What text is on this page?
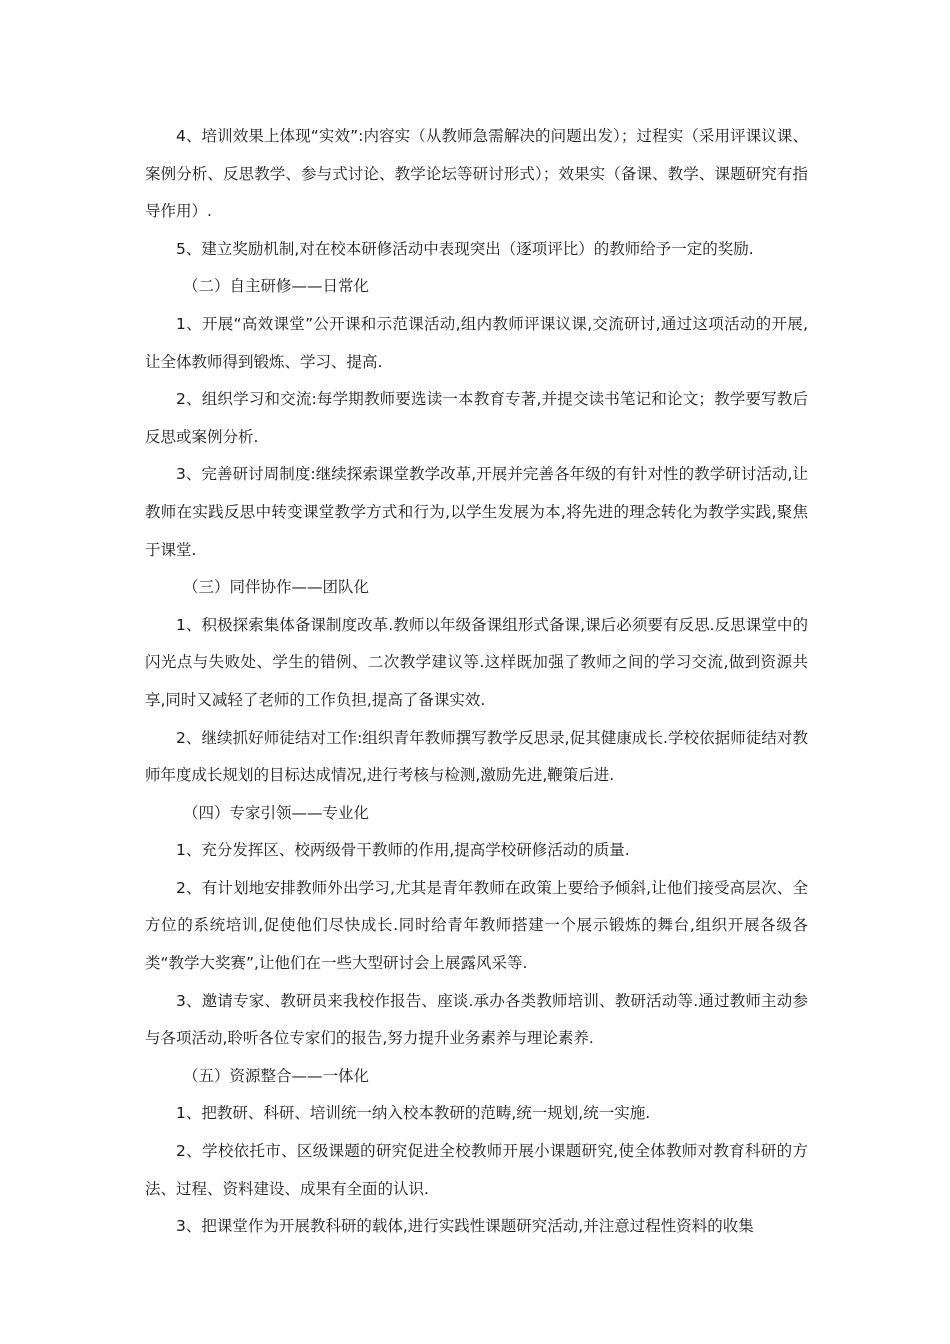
4、培训效果上体现“实效”:内容实（从教师急需解决的问题出发）；过程实（采用评课议课、案例分析、反思教学、参与式讨论、教学论坛等研讨形式）；效果实（备课、教学、课题研究有指导作用）.

5、建立奖励机制,对在校本研修活动中表现突出（逐项评比）的教师给予一定的奖励.

（二）自主研修——日常化

1、开展“高效课堂”公开课和示范课活动,组内教师评课议课,交流研讨,通过这项活动的开展,让全体教师得到锻炼、学习、提高.

2、组织学习和交流:每学期教师要选读一本教育专著,并提交读书笔记和论文；教学要写教后反思或案例分析.

3、完善研讨周制度:继续探索课堂教学改革,开展并完善各年级的有针对性的教学研讨活动,让教师在实践反思中转变课堂教学方式和行为,以学生发展为本,将先进的理念转化为教学实践,聚焦于课堂.

（三）同伴协作——团队化

1、积极探索集体备课制度改革.教师以年级备课组形式备课,课后必须要有反思.反思课堂中的闪光点与失败处、学生的错例、二次教学建议等.这样既加强了教师之间的学习交流,做到资源共享,同时又减轻了老师的工作负担,提高了备课实效.

2、继续抓好师徒结对工作:组织青年教师撰写教学反思录,促其健康成长.学校依据师徒结对教师年度成长规划的目标达成情况,进行考核与检测,激励先进,鞭策后进.

（四）专家引领——专业化

1、充分发挥区、校两级骨干教师的作用,提高学校研修活动的质量.

2、有计划地安排教师外出学习,尤其是青年教师在政策上要给予倾斜,让他们接受高层次、全方位的系统培训,促使他们尽快成长.同时给青年教师搭建一个展示锻炼的舞台,组织开展各级各类“教学大奖赛”,让他们在一些大型研讨会上展露风采等.

3、邀请专家、教研员来我校作报告、座谈.承办各类教师培训、教研活动等.通过教师主动参与各项活动,聆听各位专家们的报告,努力提升业务素养与理论素养.

（五）资源整合——一体化

1、把教研、科研、培训统一纳入校本教研的范畴,统一规划,统一实施.

2、学校依托市、区级课题的研究促进全校教师开展小课题研究,使全体教师对教育科研的方法、过程、资料建设、成果有全面的认识.

3、把课堂作为开展教科研的载体,进行实践性课题研究活动,并注意过程性资料的收集
